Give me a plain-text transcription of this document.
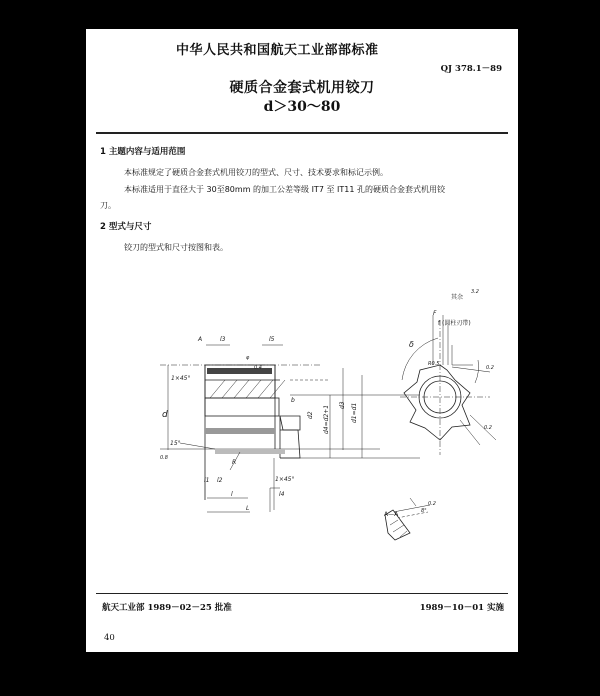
中华人民共和国航天工业部部标准
QJ 378.1－89
硬质合金套式机用铰刀
d＞30～80
1 主题内容与适用范围
本标准规定了硬质合金套式机用铰刀的型式、尺寸、技术要求和标记示例。
本标准适用于直径大于 30至80mm 的加工公差等级 IT7 至 IT11 孔的硬质合金套式机用铰
刀。
2 型式与尺寸
铰刀的型式和尺寸按图和表。
A	l3	l5
1×45°
d
15°
0.8
φ
0.4
d1=d1
d2
d3
d4=d2+1
b
l1 l2
l	l4
L
1×45°
R
其余
3.2
F
f (圆柱刃带)
δ
R0.5
0.2
0.2
A—A	8°
0.2
航天工业部 1989－02－25 批准	1989－10－01 实施
40
